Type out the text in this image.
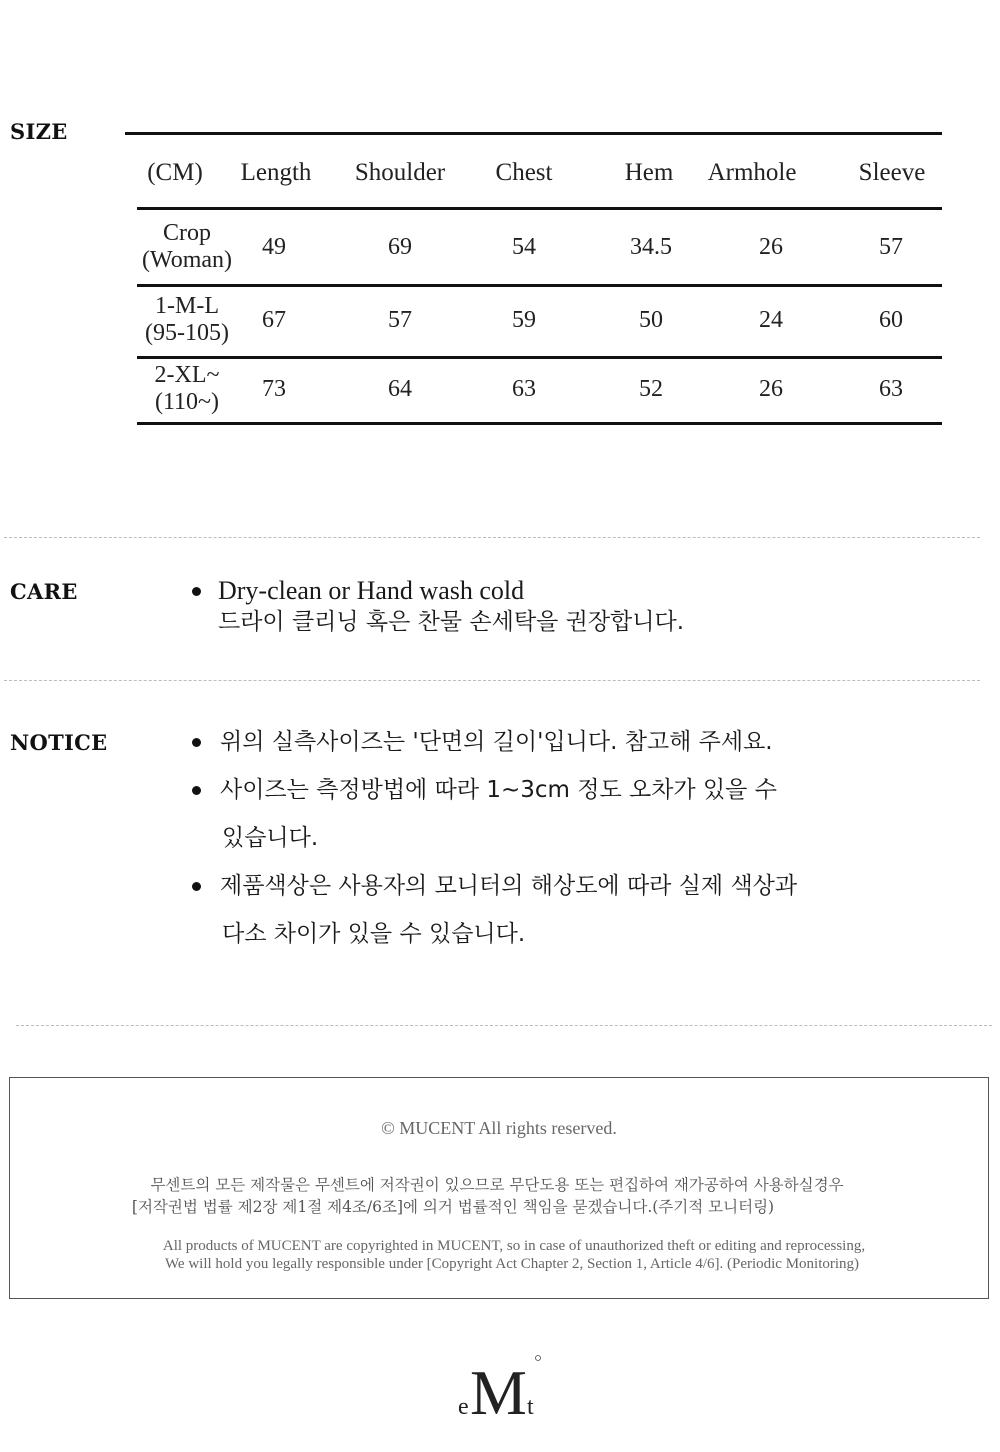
SIZE
(CM)	Length	Shoulder	Chest	Hem	Armhole	Sleeve
Crop
(Woman)	49	69	54	34.5	26	57
1-M-L
(95-105)	67	57	59	50	24	60
2-XL~
(110~)	73	64	63	52	26	63
CARE	Dry-clean or Hand wash cold
드라이 클리닝 혹은 찬물 손세탁을 권장합니다.
NOTICE	위의 실측사이즈는 '단면의 길이'입니다. 참고해 주세요.
사이즈는 측정방법에 따라 1~3cm 정도 오차가 있을 수
있습니다.
제품색상은 사용자의 모니터의 해상도에 따라 실제 색상과
다소 차이가 있을 수 있습니다.
© MUCENT All rights reserved.
무센트의 모든 제작물은 무센트에 저작권이 있으므로 무단도용 또는 편집하여 재가공하여 사용하실경우
[저작권법 법률 제2장 제1절 제4조/6조]에 의거 법률적인 책임을 묻겠습니다.(주기적 모니터링)
All products of MUCENT are copyrighted in MUCENT, so in case of unauthorized theft or editing and reprocessing,
We will hold you legally responsible under [Copyright Act Chapter 2, Section 1, Article 4/6]. (Periodic Monitoring)
e M t
